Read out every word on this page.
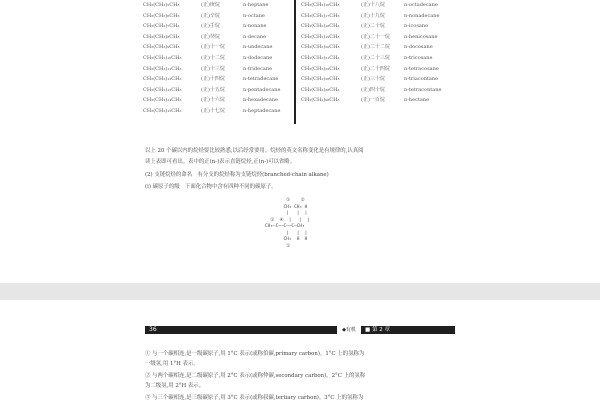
CH₃(CH₂)₅CH₃	(正)庚烷	n-heptane
CH₃(CH₂)₆CH₃	(正)辛烷	n-octane
CH₃(CH₂)₇CH₃	(正)壬烷	n-nonane
CH₃(CH₂)₈CH₃	(正)癸烷	n-decane
CH₃(CH₂)₉CH₃	(正)十一烷	n-undecane
CH₃(CH₂)₁₀CH₃	(正)十二烷	n-dodecane
CH₃(CH₂)₁₁CH₃	(正)十三烷	n-tridecane
CH₃(CH₂)₁₂CH₃	(正)十四烷	n-tetradecane
CH₃(CH₂)₁₃CH₃	(正)十五烷	n-pentadecane
CH₃(CH₂)₁₄CH₃	(正)十六烷	n-hexadecane
CH₃(CH₂)₁₅CH₃	(正)十七烷	n-heptadecane
CH₃(CH₂)₁₆CH₃	(正)十八烷	n-octadecane
CH₃(CH₂)₁₇CH₃	(正)十九烷	n-nonadecane
CH₃(CH₂)₁₈CH₃	(正)二十烷	n-icosane
CH₃(CH₂)₁₉CH₃	(正)二十一烷	n-henicosane
CH₃(CH₂)₂₀CH₃	(正)二十二烷	n-docosane
CH₃(CH₂)₂₁CH₃	(正)二十三烷	n-tricosane
CH₃(CH₂)₂₂CH₃	(正)二十四烷	n-tetracosane
CH₃(CH₂)₂₈CH₃	(正)三十烷	n-triacontane
CH₃(CH₂)₃₈CH₃	(正)四十烷	n-tetracontane
CH₃(CH₂)₉₈CH₃	(正)一百烷	n-hectane
以上 20 个碳以内的烷烃要比较熟悉,以后经常要用。烷烃的英文名称变化是有规律的,认真阅
读上表即可看出。表中的正(n-)表示直链烷烃,正(n-)可以省略。
(2) 支链烷烃的命名　有分支的烷烃称为支链烷烃(branched-chain alkane)
(i) 碳原子的级　下面化合物中含有四种不同的碳原子。
①    ②
CH₃ CH₃ H
|   |  |
①  ④  |   |  |
CH₃—C——C——C—CH₃
|   |  |
CH₃  H  H
①
36	◆有机	■ 第 2 章
① 与一个碳相连,是一级碳原子,用 1°C 表示(或称伯碳,primary carbon)。1°C 上的氢称为
一级氢,用 1°H 表示。
② 与两个碳相连,是二级碳原子,用 2°C 表示(或称仲碳,secondary carbon)。2°C 上的氢称
为二级氢,用 2°H 表示。
③ 与三个碳相连,是三级碳原子,用 3°C 表示(或称叔碳,tertiary carbon)。3°C 上的氢称为
